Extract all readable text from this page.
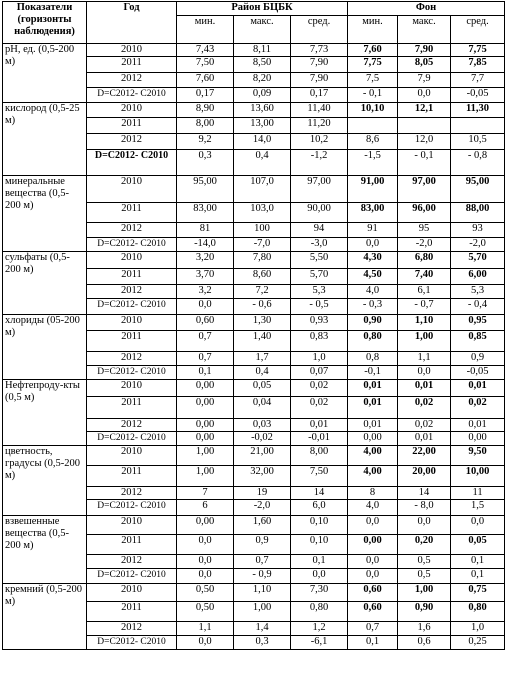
Показатели (горизонты наблюдения)	Год	Район БЦБК			Фон		
		мин.	макс.	сред.	мин.	макс.	сред.
pH, ед. (0,5-200 м)	2010	7,43	8,11	7,73	7,60	7,90	7,75
	2011	7,50	8,50	7,90	7,75	8,05	7,85
	2012	7,60	8,20	7,90	7,5	7,9	7,7
	D=C2012- C2010	0,17	0,09	0,17	- 0,1	0,0	-0,05
кислород (0,5-25 м)	2010	8,90	13,60	11,40	10,10	12,1	11,30
	2011	8,00	13,00	11,20			
	2012	9,2	14,0	10,2	8,6	12,0	10,5
	D=C2012- C2010	0,3	0,4	-1,2	-1,5	- 0,1	- 0,8
минеральные вещества (0,5-200 м)	2010	95,00	107,0	97,00	91,00	97,00	95,00
	2011	83,00	103,0	90,00	83,00	96,00	88,00
	2012	81	100	94	91	95	93
	D=C2012- C2010	-14,0	-7,0	-3,0	0,0	-2,0	-2,0
сульфаты (0,5-200 м)	2010	3,20	7,80	5,50	4,30	6,80	5,70
	2011	3,70	8,60	5,70	4,50	7,40	6,00
	2012	3,2	7,2	5,3	4,0	6,1	5,3
	D=C2012- C2010	0,0	- 0,6	- 0,5	- 0,3	- 0,7	- 0,4
хлориды (05-200 м)	2010	0,60	1,30	0,93	0,90	1,10	0,95
	2011	0,7	1,40	0,83	0,80	1,00	0,85
	2012	0,7	1,7	1,0	0,8	1,1	0,9
	D=C2012- C2010	0,1	0,4	0,07	-0,1	0,0	-0,05
Нефтепроду-кты (0,5 м)	2010	0,00	0,05	0,02	0,01	0,01	0,01
	2011	0,00	0,04	0,02	0,01	0,02	0,02
	2012	0,00	0,03	0,01	0,01	0,02	0,01
	D=C2012- C2010	0,00	-0,02	-0,01	0,00	0,01	0,00
цветность, градусы (0,5-200 м)	2010	1,00	21,00	8,00	4,00	22,00	9,50
	2011	1,00	32,00	7,50	4,00	20,00	10,00
	2012	7	19	14	8	14	11
	D=C2012- C2010	6	-2,0	6,0	4,0	- 8,0	1,5
взвешенные вещества (0,5-200 м)	2010	0,00	1,60	0,10	0,0	0,0	0,0
	2011	0,0	0,9	0,10	0,00	0,20	0,05
	2012	0,0	0,7	0,1	0,0	0,5	0,1
	D=C2012- C2010	0,0	- 0,9	0,0	0,0	0,5	0,1
кремний (0,5-200 м)	2010	0,50	1,10	7,30	0,60	1,00	0,75
	2011	0,50	1,00	0,80	0,60	0,90	0,80
	2012	1,1	1,4	1,2	0,7	1,6	1,0
	D=C2012- C2010	0,0	0,3	-6,1	0,1	0,6	0,25
